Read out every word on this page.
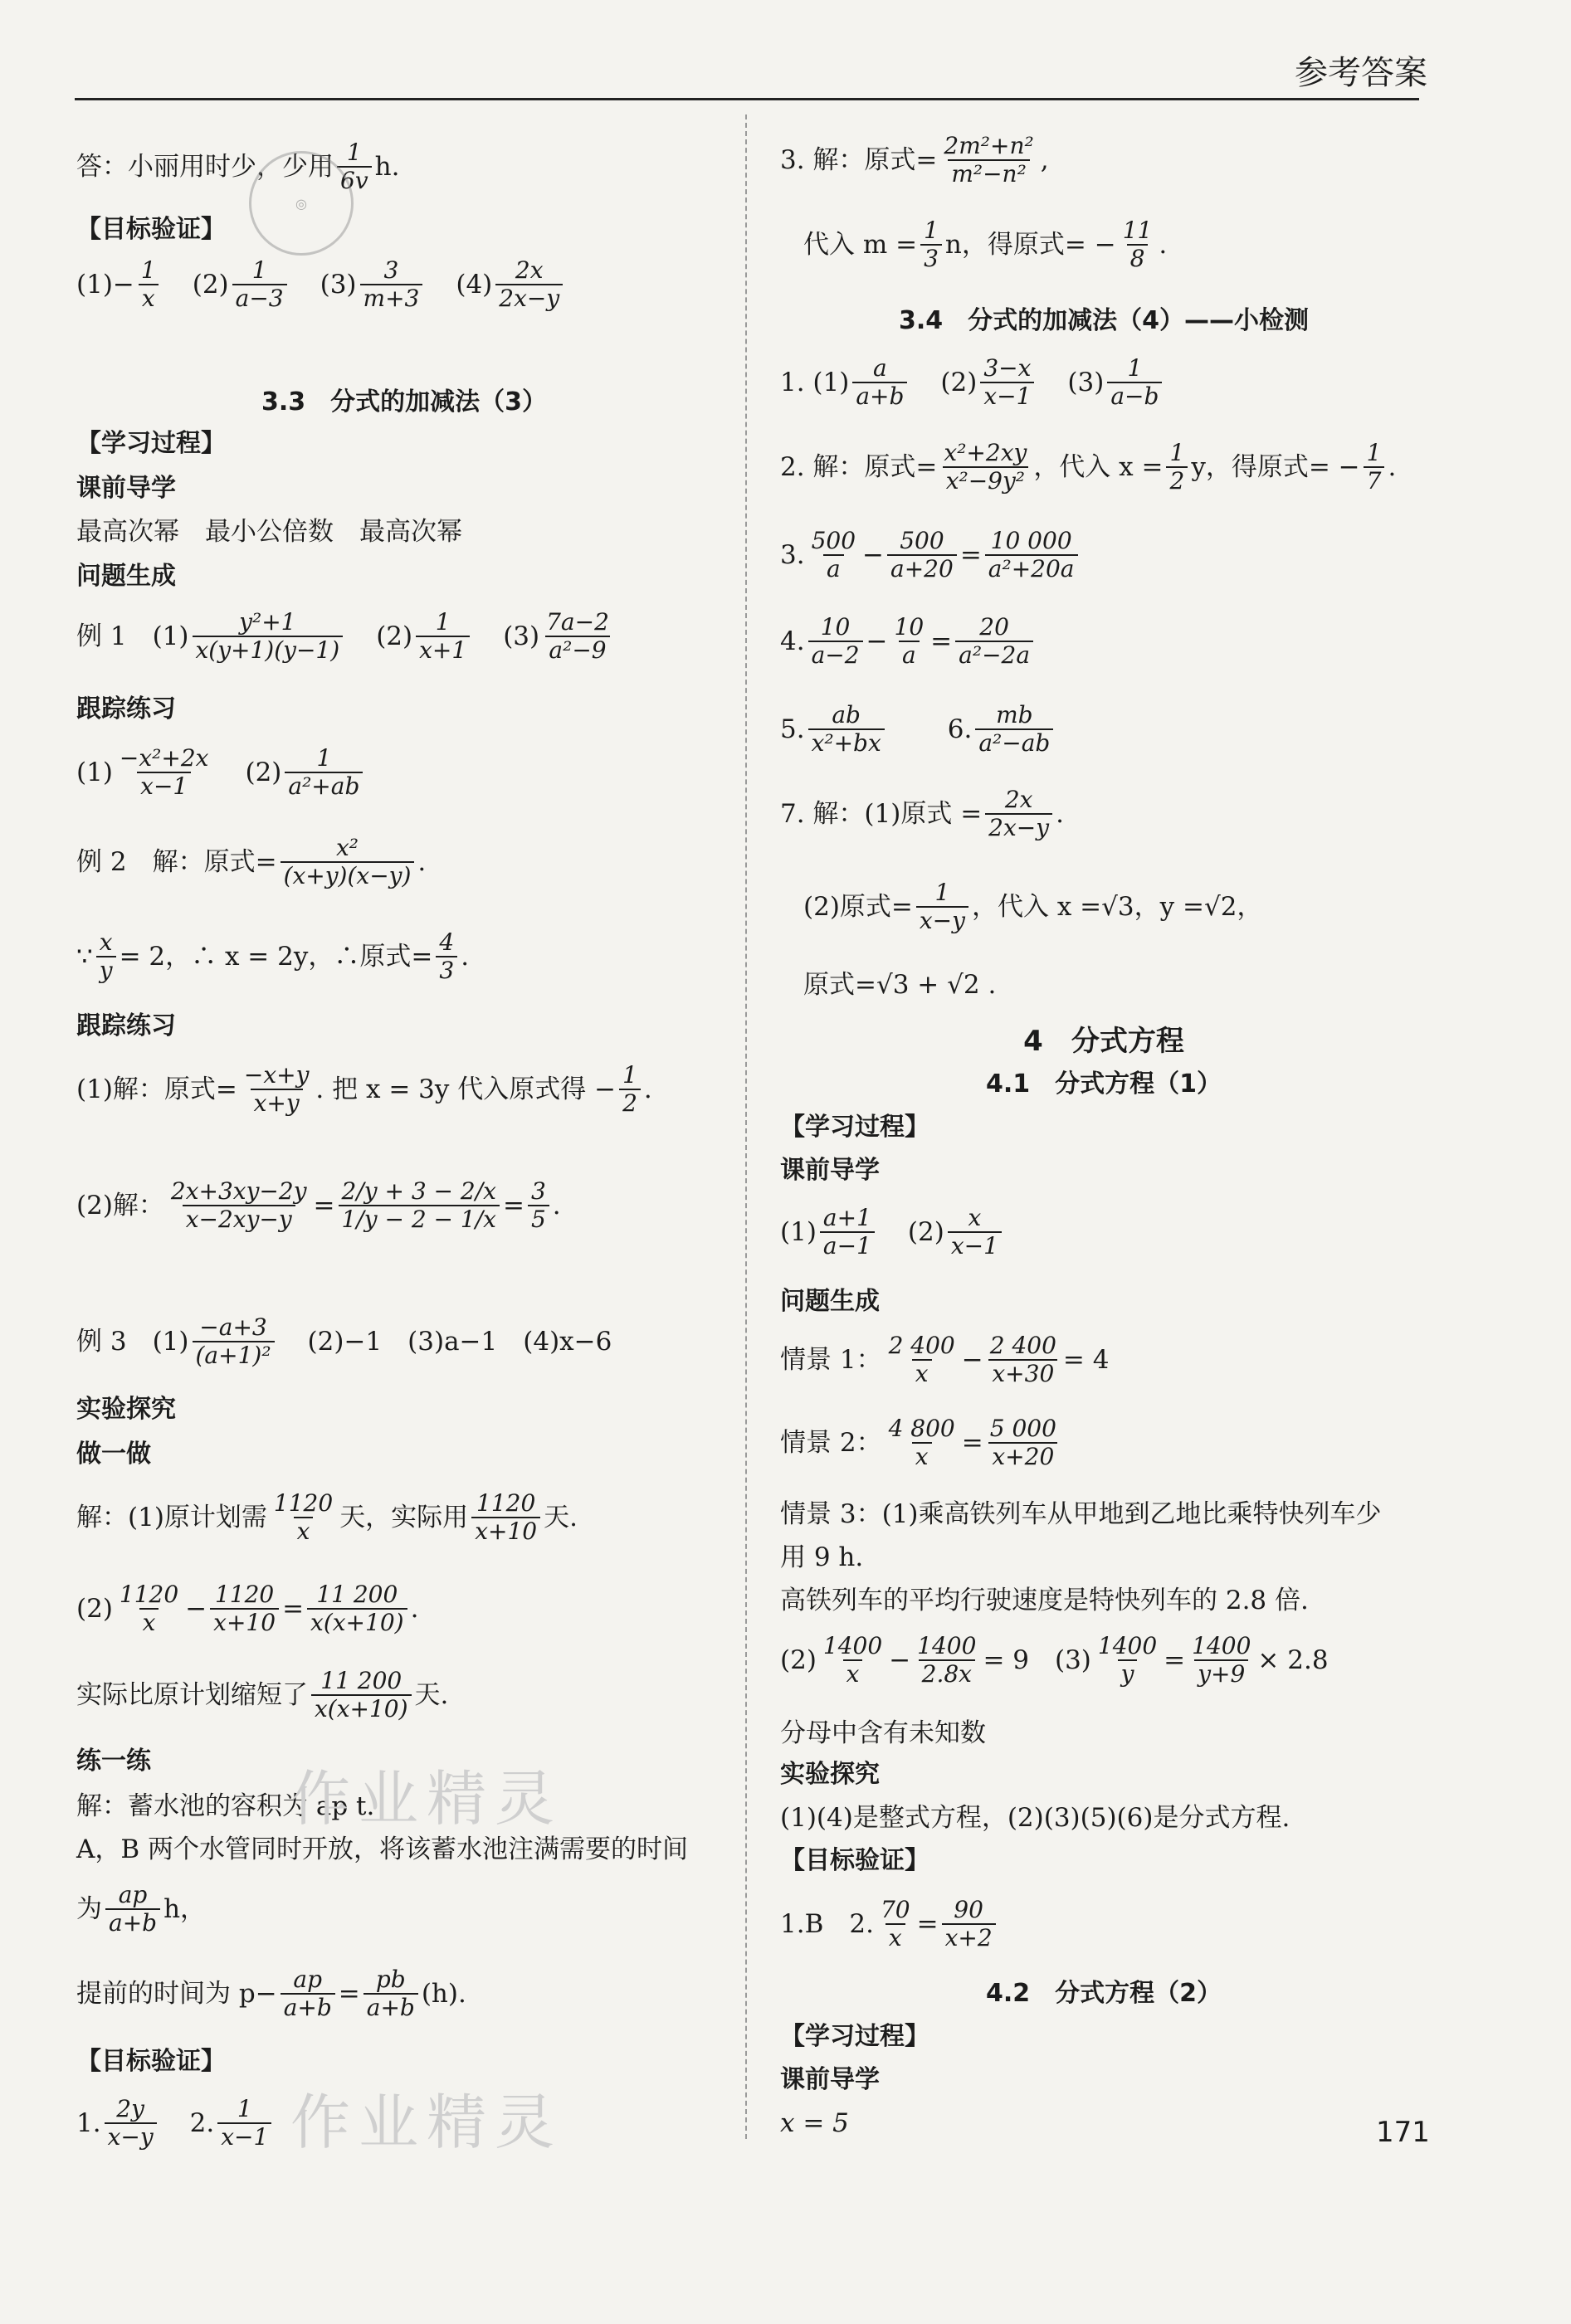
参考答案
答：小丽用时少，少用 $\frac{1}{6v} h$.
【目标验证】
$(1)- \frac{1}{x} (2) \frac{1}{a-3} (3) \frac{3}{m+3} (4) \frac{2x}{2x-y}$
3.3　分式的加减法（3）
【学习过程】
课前导学
最高次幂　最小公倍数　最高次幂
问题生成
例 1　$(1) \frac{\text{y²+1}}{x(y+1)(y-1)} (2) \frac{1}{x+1} (3) \frac{7a-2}{\text{a²−9}}$
跟踪练习
$(1) \frac{\text{−x²+2x}}{x-1} (2) \frac{1}{\text{a²+ab}}$
例 2　解：原式= $\frac{\text{x²}}{(x+y)(x-y)}$ .
∵ $\frac{x}{y} = 2$，∴ x = 2y，∴原式= $\frac{4}{3}$ .
跟踪练习
(1)解：原式= $\frac{-x+y}{x+y}$ . 把 x = 3y 代入原式得 − $\frac{1}{2}$ .
(2)解： $\frac{2x+3xy-2y}{x-2xy-y} = \frac{2/y + 3 - 2/x}{1/y - 2 - 1/x} = \frac{3}{5}$ .
例 3　$(1) \frac{-a+3}{\text{(a+1)²}} (2)-1$　(3)a−1　(4)x−6
实验探究
做一做
解：(1)原计划需 $\frac{1120}{x}$ 天，实际用 $\frac{1120}{x+10}$ 天.
$(2) \frac{1120}{x} - \frac{1120}{x+10} = \frac{11 200}{x(x+10)}$ .
实际比原计划缩短了 $\frac{11 200}{x(x+10)}$ 天.
练一练
解：蓄水池的容积为 ap t.
A，B 两个水管同时开放，将该蓄水池注满需要的时间
为 $\frac{ap}{a+b}$ h，
提前的时间为 $p- \frac{ap}{a+b} = \frac{pb}{a+b} (h)$.
【目标验证】
1. $\frac{2y}{x-y} 2$. $\frac{1}{x-1}$
3. 解：原式= $\frac{\text{2m²+n²}}{\text{m²−n²}}$ ,
代入 $m = \frac{1}{3}$ n，得原式= − $\frac{11}{8}$ .
3.4　分式的加减法（4）——小检测
1. $(1) \frac{a}{a+b} (2) \frac{3-x}{x-1} (3) \frac{1}{a-b}$
2. 解：原式= $\frac{\text{x²+2xy}}{\text{x²−9y²}}$ ，代入 $x = \frac{1}{2}$ y，得原式= − $\frac{1}{7}$ .
3. $\frac{500}{a} - \frac{500}{a+20} = \frac{10 000}{\text{a²+20a}}$
4. $\frac{10}{a-2} - \frac{10}{a} = \frac{20}{\text{a²−2a}}$
5. $\frac{ab}{\text{x²+bx}} 6$. $\frac{mb}{\text{a²−ab}}$
7. 解：(1)原式 = $\frac{2x}{2x-y}$ .
(2)原式= $\frac{1}{x-y}$ ，代入 x =√3，y =√2，
原式=√3 + √2 .
4　分式方程
4.1　分式方程（1）
【学习过程】
课前导学
$(1) \frac{a+1}{a-1} (2) \frac{x}{x-1}$
问题生成
情景 1： $\frac{2 400}{x} - \frac{2 400}{x+30} = 4$
情景 2： $\frac{4 800}{x} = \frac{5 000}{x+20}$
情景 3：(1)乘高铁列车从甲地到乙地比乘特快列车少
用 9 h.
高铁列车的平均行驶速度是特快列车的 2.8 倍.
$(2) \frac{1400}{x} - \frac{1400}{2.8x} = 9$　$(3) \frac{1400}{y} = \frac{1400}{y+9} \times 2.8$
分母中含有未知数
实验探究
(1)(4)是整式方程，(2)(3)(5)(6)是分式方程.
【目标验证】
1.B　2. $\frac{70}{x} = \frac{90}{x+2}$
4.2　分式方程（2）
【学习过程】
课前导学
x = 5
◎
作业精灵
作业精灵	171
